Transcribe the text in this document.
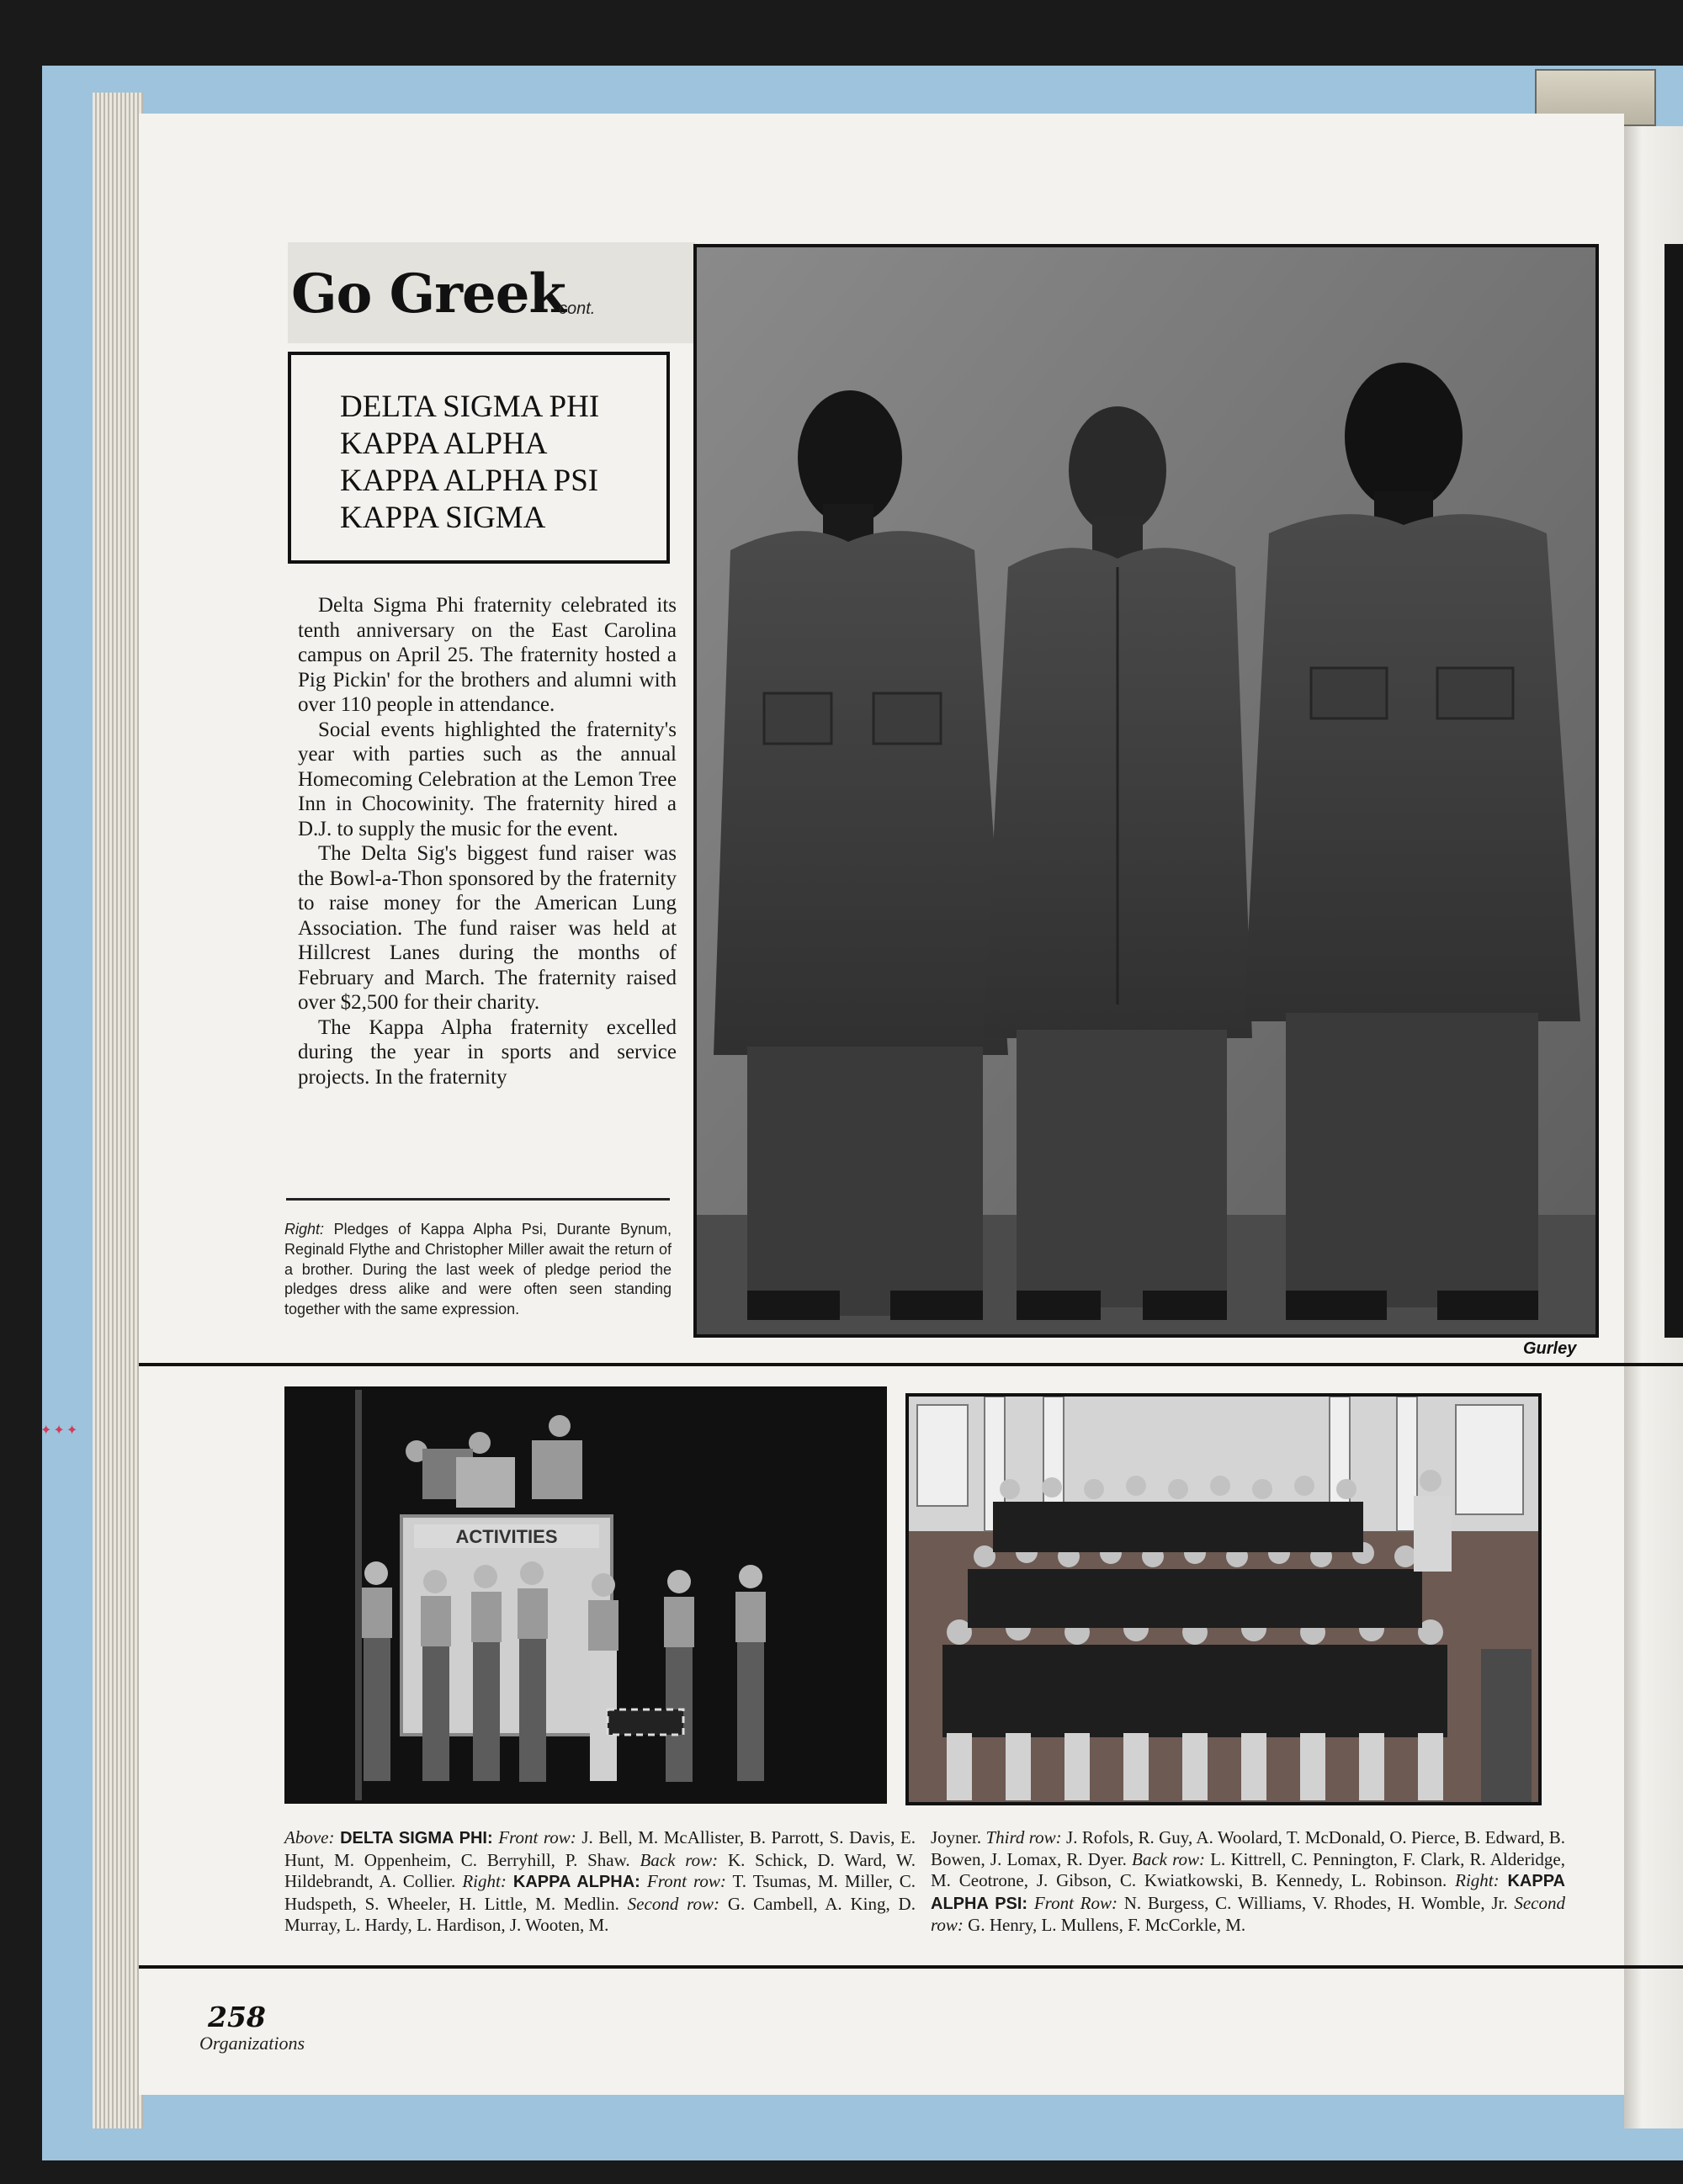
✦✦✦
Go Greek
cont.
DELTA SIGMA PHI
KAPPA ALPHA
KAPPA ALPHA PSI
KAPPA SIGMA

Delta Sigma Phi fraternity celebrated its tenth anniversary on the East Carolina campus on April 25. The fraternity hosted a Pig Pickin' for the brothers and alumni with over 110 people in attendance.

Social events highlighted the fraternity's year with parties such as the annual Homecoming Celebration at the Lemon Tree Inn in Chocowinity. The fraternity hired a D.J. to supply the music for the event.

The Delta Sig's biggest fund raiser was the Bowl-a-Thon sponsored by the fraternity to raise money for the American Lung Association. The fund raiser was held at Hillcrest Lanes during the months of February and March. The fraternity raised over $2,500 for their charity.

The Kappa Alpha fraternity excelled during the year in sports and service projects. In the fraternity

Right: Pledges of Kappa Alpha Psi, Durante Bynum, Reginald Flythe and Christopher Miller await the return of a brother. During the last week of pledge period the pledges dress alike and were often seen standing together with the same expression.

Gurley
ACTIVITIES

Above: DELTA SIGMA PHI: Front row: J. Bell, M. McAllister, B. Parrott, S. Davis, E. Hunt, M. Oppenheim, C. Berryhill, P. Shaw. Back row: K. Schick, D. Ward, W. Hildebrandt, A. Collier. Right: KAPPA ALPHA: Front row: T. Tsumas, M. Miller, C. Hudspeth, S. Wheeler, H. Little, M. Medlin. Second row: G. Cambell, A. King, D. Murray, L. Hardy, L. Hardison, J. Wooten, M.

Joyner. Third row: J. Rofols, R. Guy, A. Woolard, T. McDonald, O. Pierce, B. Edward, B. Bowen, J. Lomax, R. Dyer. Back row: L. Kittrell, C. Pennington, F. Clark, R. Alderidge, M. Ceotrone, J. Gibson, C. Kwiatkowski, B. Kennedy, L. Robinson. Right: KAPPA ALPHA PSI: Front Row: N. Burgess, C. Williams, V. Rhodes, H. Womble, Jr. Second row: G. Henry, L. Mullens, F. McCorkle, M.

258
Organizations
